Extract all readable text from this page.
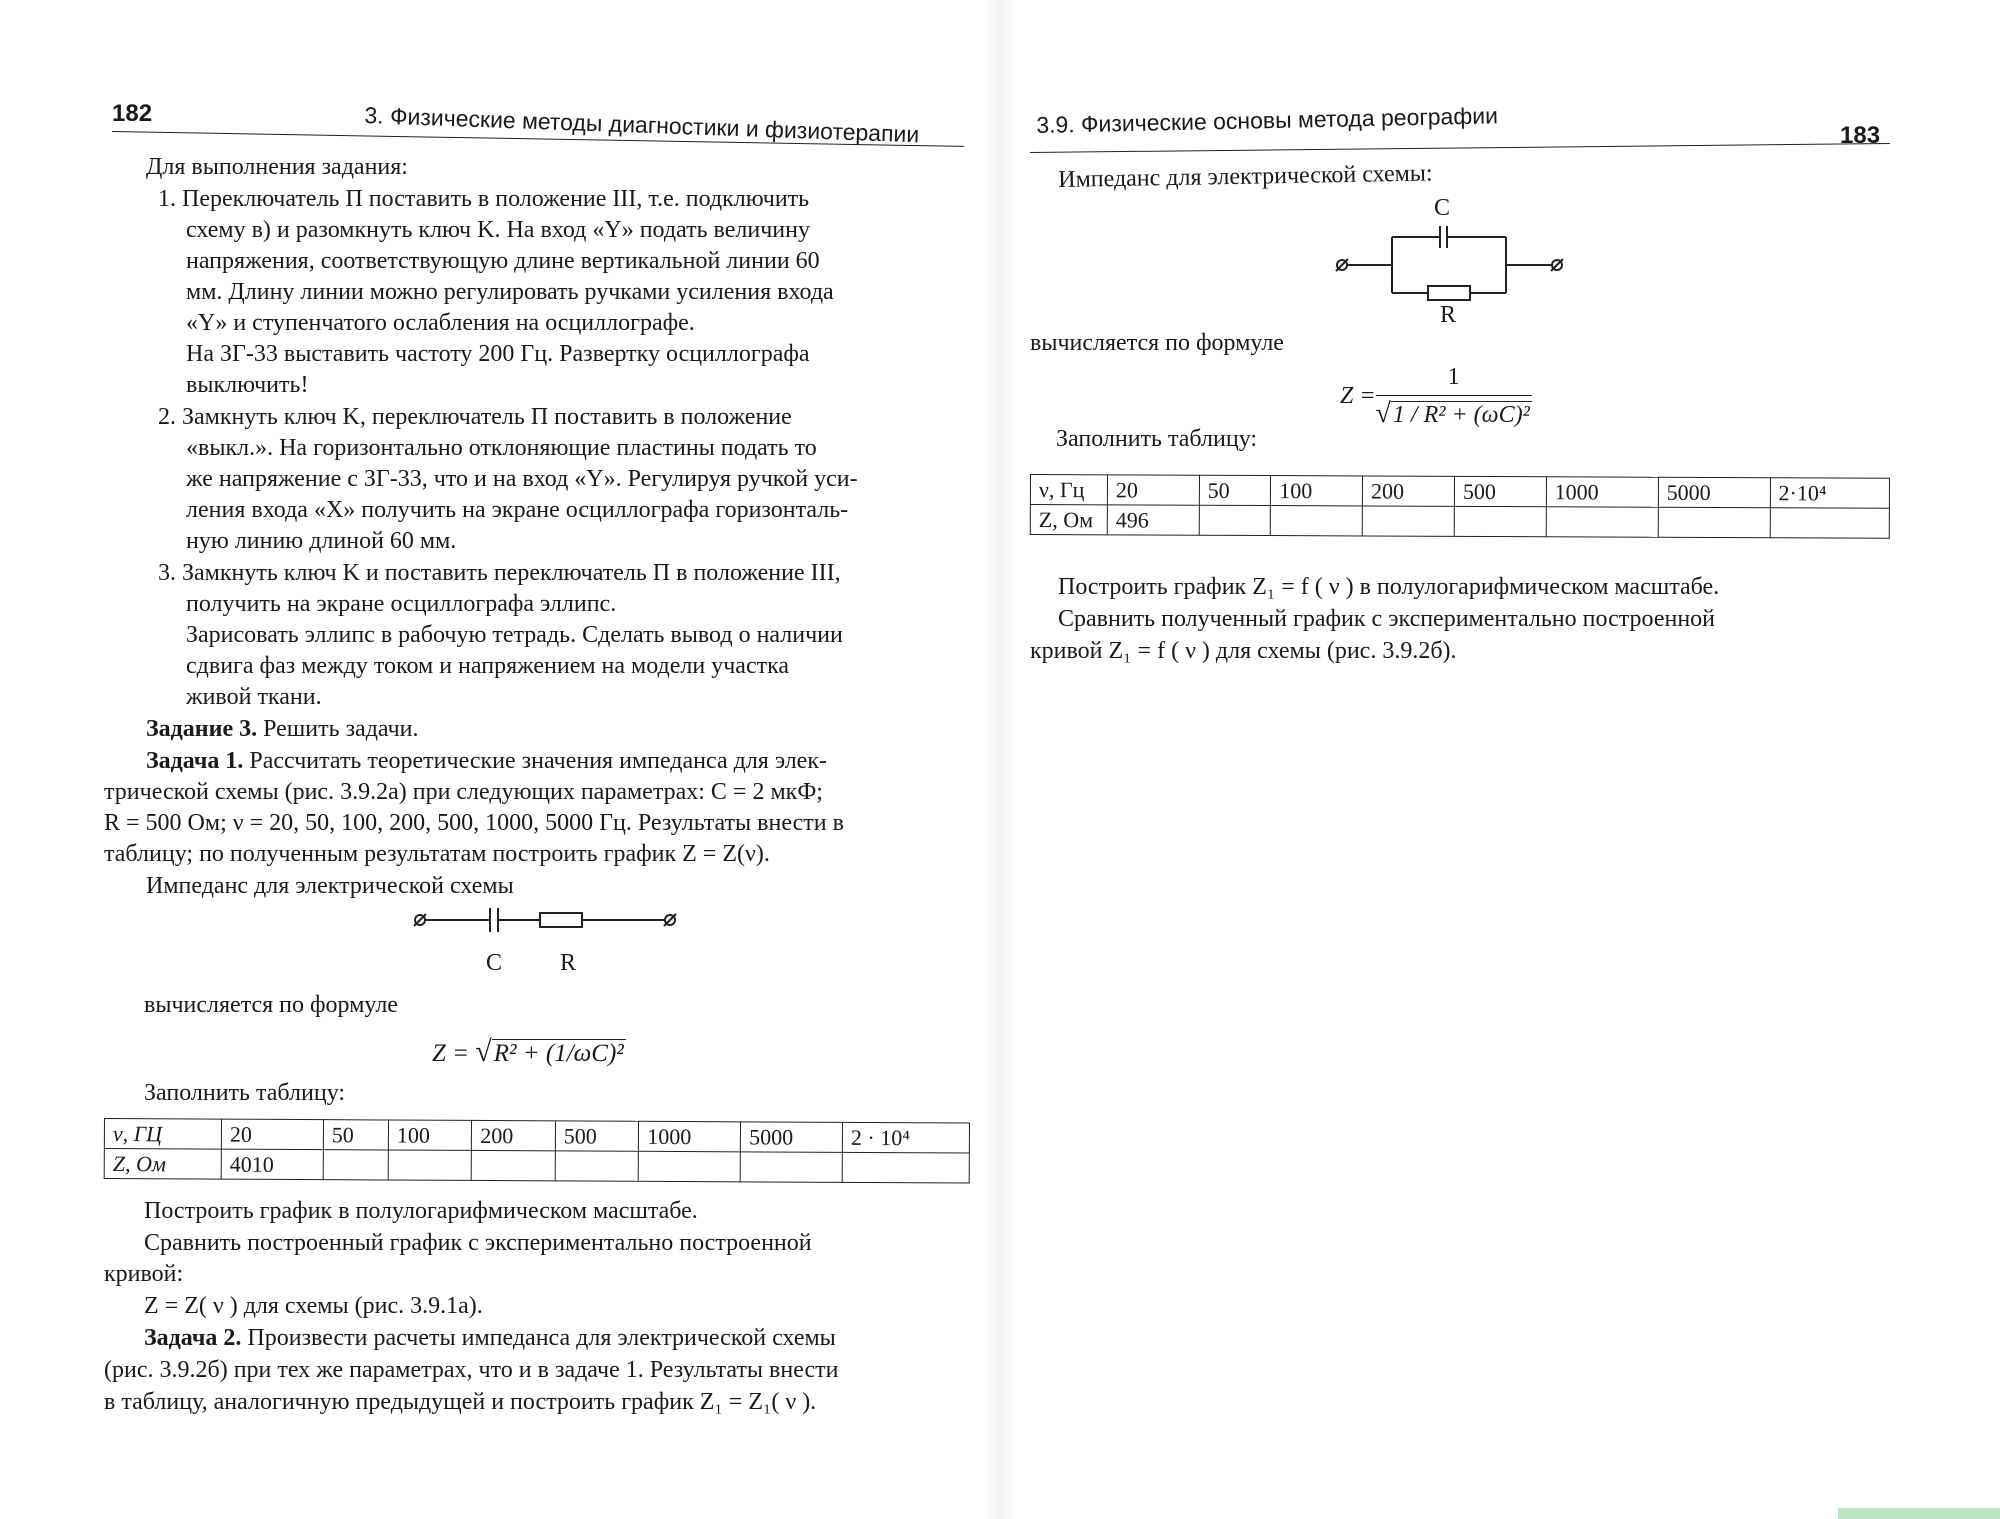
182	3. Физические методы диагностики и физиотерапии
Для выполнения задания:
1. Переключатель П поставить в положение III, т.е. подключить
схему в) и разомкнуть ключ K. На вход «Y» подать величину
напряжения, соответствующую длине вертикальной линии 60
мм. Длину линии можно регулировать ручками усиления входа
«Y» и ступенчатого ослабления на осциллографе.
На ЗГ-33 выставить частоту 200 Гц. Развертку осциллографа
выключить!
2. Замкнуть ключ K, переключатель П поставить в положение
«выкл.». На горизонтально отклоняющие пластины подать то
же напряжение с ЗГ-33, что и на вход «Y». Регулируя ручкой уси-
ления входа «X» получить на экране осциллографа горизонталь-
ную линию длиной 60 мм.
3. Замкнуть ключ K и поставить переключатель П в положение III,
получить на экране осциллографа эллипс.
Зарисовать эллипс в рабочую тетрадь. Сделать вывод о наличии
сдвига фаз между током и напряжением на модели участка
живой ткани.
Задание 3. Решить задачи.
Задача 1. Рассчитать теоретические значения импеданса для элек-
трической схемы (рис. 3.9.2а) при следующих параметрах: C = 2 мкФ;
R = 500 Ом; ν = 20, 50, 100, 200, 500, 1000, 5000 Гц. Результаты внести в
таблицу; по полученным результатам построить график Z = Z(ν).
Импеданс для электрической схемы
C R
вычисляется по формуле
Z = √R² + (1/ωC)²
Заполнить таблицу:
ν, ГЦ	20	50	100	200	500	1000	5000	2 · 10⁴
Z, Ом	4010							
Построить график в полулогарифмическом масштабе.
Сравнить построенный график с экспериментально построенной
кривой:
Z = Z( ν ) для схемы (рис. 3.9.1а).
Задача 2. Произвести расчеты импеданса для электрической схемы
(рис. 3.9.2б) при тех же параметрах, что и в задаче 1. Результаты внести
в таблицу, аналогичную предыдущей и построить график Z₁ = Z₁( ν ).
3.9. Физические основы метода реографии	183
Импеданс для электрической схемы:
C
R
вычисляется по формуле
$Z = \frac{1}{\text{√1 / R² + (ωC)²}}$
Заполнить таблицу:
ν, Гц	20	50	100	200	500	1000	5000	2·10⁴
Z, Ом	496							
Построить график Z₁ = f ( ν ) в полулогарифмическом масштабе.
Сравнить полученный график с экспериментально построенной
кривой Z₁ = f ( ν ) для схемы (рис. 3.9.2б).
